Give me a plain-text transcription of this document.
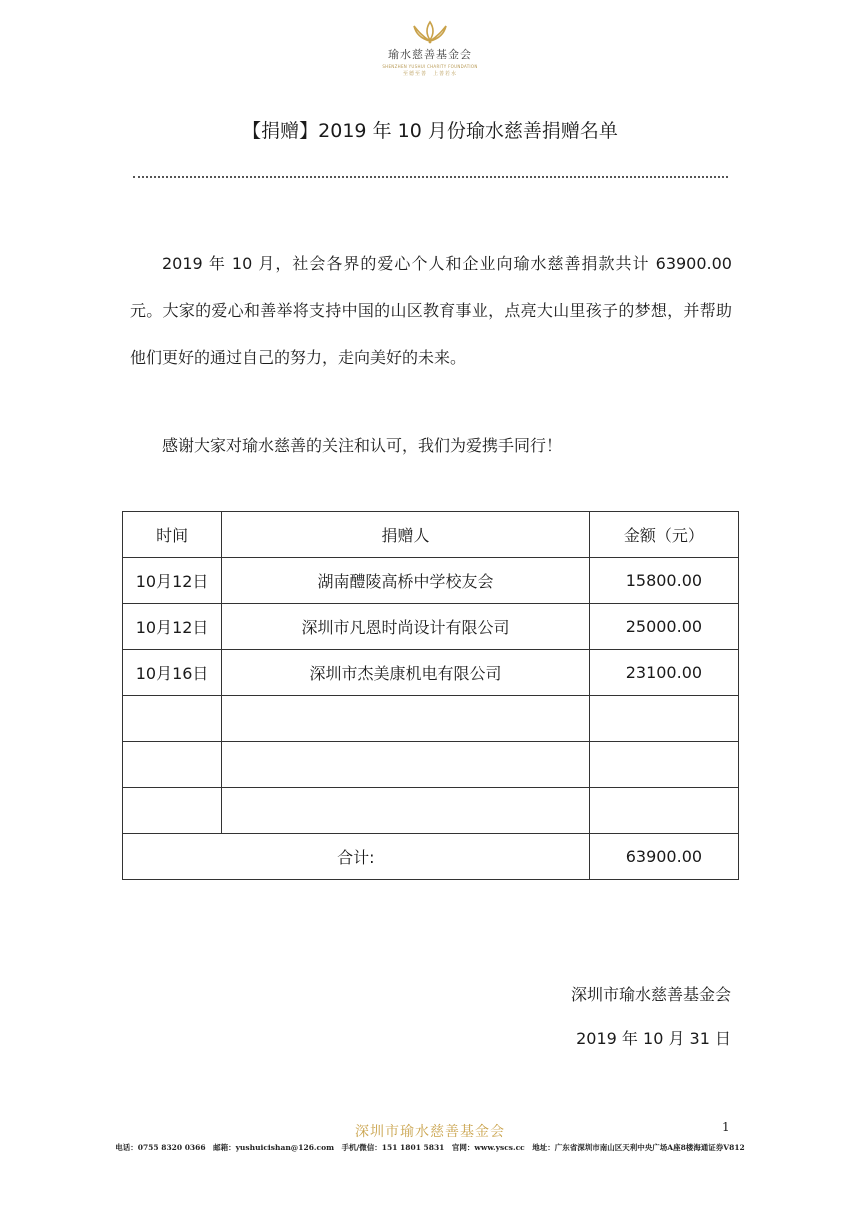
瑜水慈善基金会
SHENZHEN YUSHUI CHARITY FOUNDATION
至德至善　上善若水
【捐赠】2019 年 10 月份瑜水慈善捐赠名单

2019 年 10 月，社会各界的爱心个人和企业向瑜水慈善捐款共计 63900.00 元。大家的爱心和善举将支持中国的山区教育事业，点亮大山里孩子的梦想，并帮助他们更好的通过自己的努力，走向美好的未来。

感谢大家对瑜水慈善的关注和认可，我们为爱携手同行！

时间	捐赠人	金额（元）
10月12日	湖南醴陵高桥中学校友会	15800.00
10月12日	深圳市凡恩时尚设计有限公司	25000.00
10月16日	深圳市杰美康机电有限公司	23100.00

合计:		63900.00
深圳市瑜水慈善基金会
2019 年 10 月 31 日
深圳市瑜水慈善基金会	1
电话：0755 8320 0366　邮箱：yushuicishan@126.com　手机/微信：151 1801 5831　官网：www.yscs.cc　地址：广东省深圳市南山区天利中央广场A座8楼海通证券V812
